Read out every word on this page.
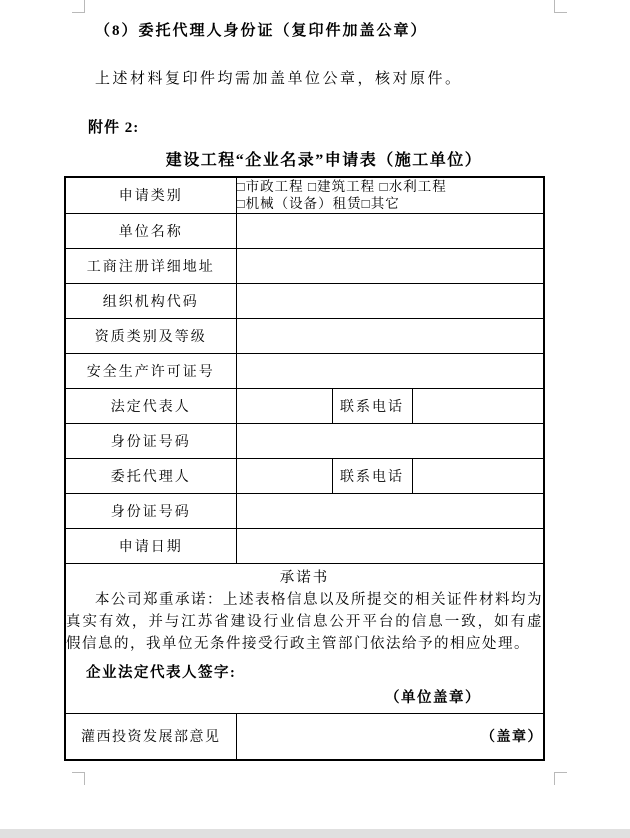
（8）委托代理人身份证（复印件加盖公章）
上述材料复印件均需加盖单位公章，核对原件。
附件 2:
建设工程“企业名录”申请表（施工单位）
申请类别	□市政工程 □建筑工程 □水利工程
□机械（设备）租赁□其它		

单位名称			
工商注册详细地址			
组织机构代码			
资质类别及等级			
安全生产许可证号			
法定代表人		联系电话	
身份证号码			
委托代理人		联系电话	
身份证号码			
申请日期			

承诺书

本公司郑重承诺：上述表格信息以及所提交的相关证件材料均为真实有效，并与江苏省建设行业信息公开平台的信息一致，如有虚假信息的，我单位无条件接受行政主管部门依法给予的相应处理。

企业法定代表人签字:
（单位盖章）			

灌西投资发展部意见	（盖章）		
